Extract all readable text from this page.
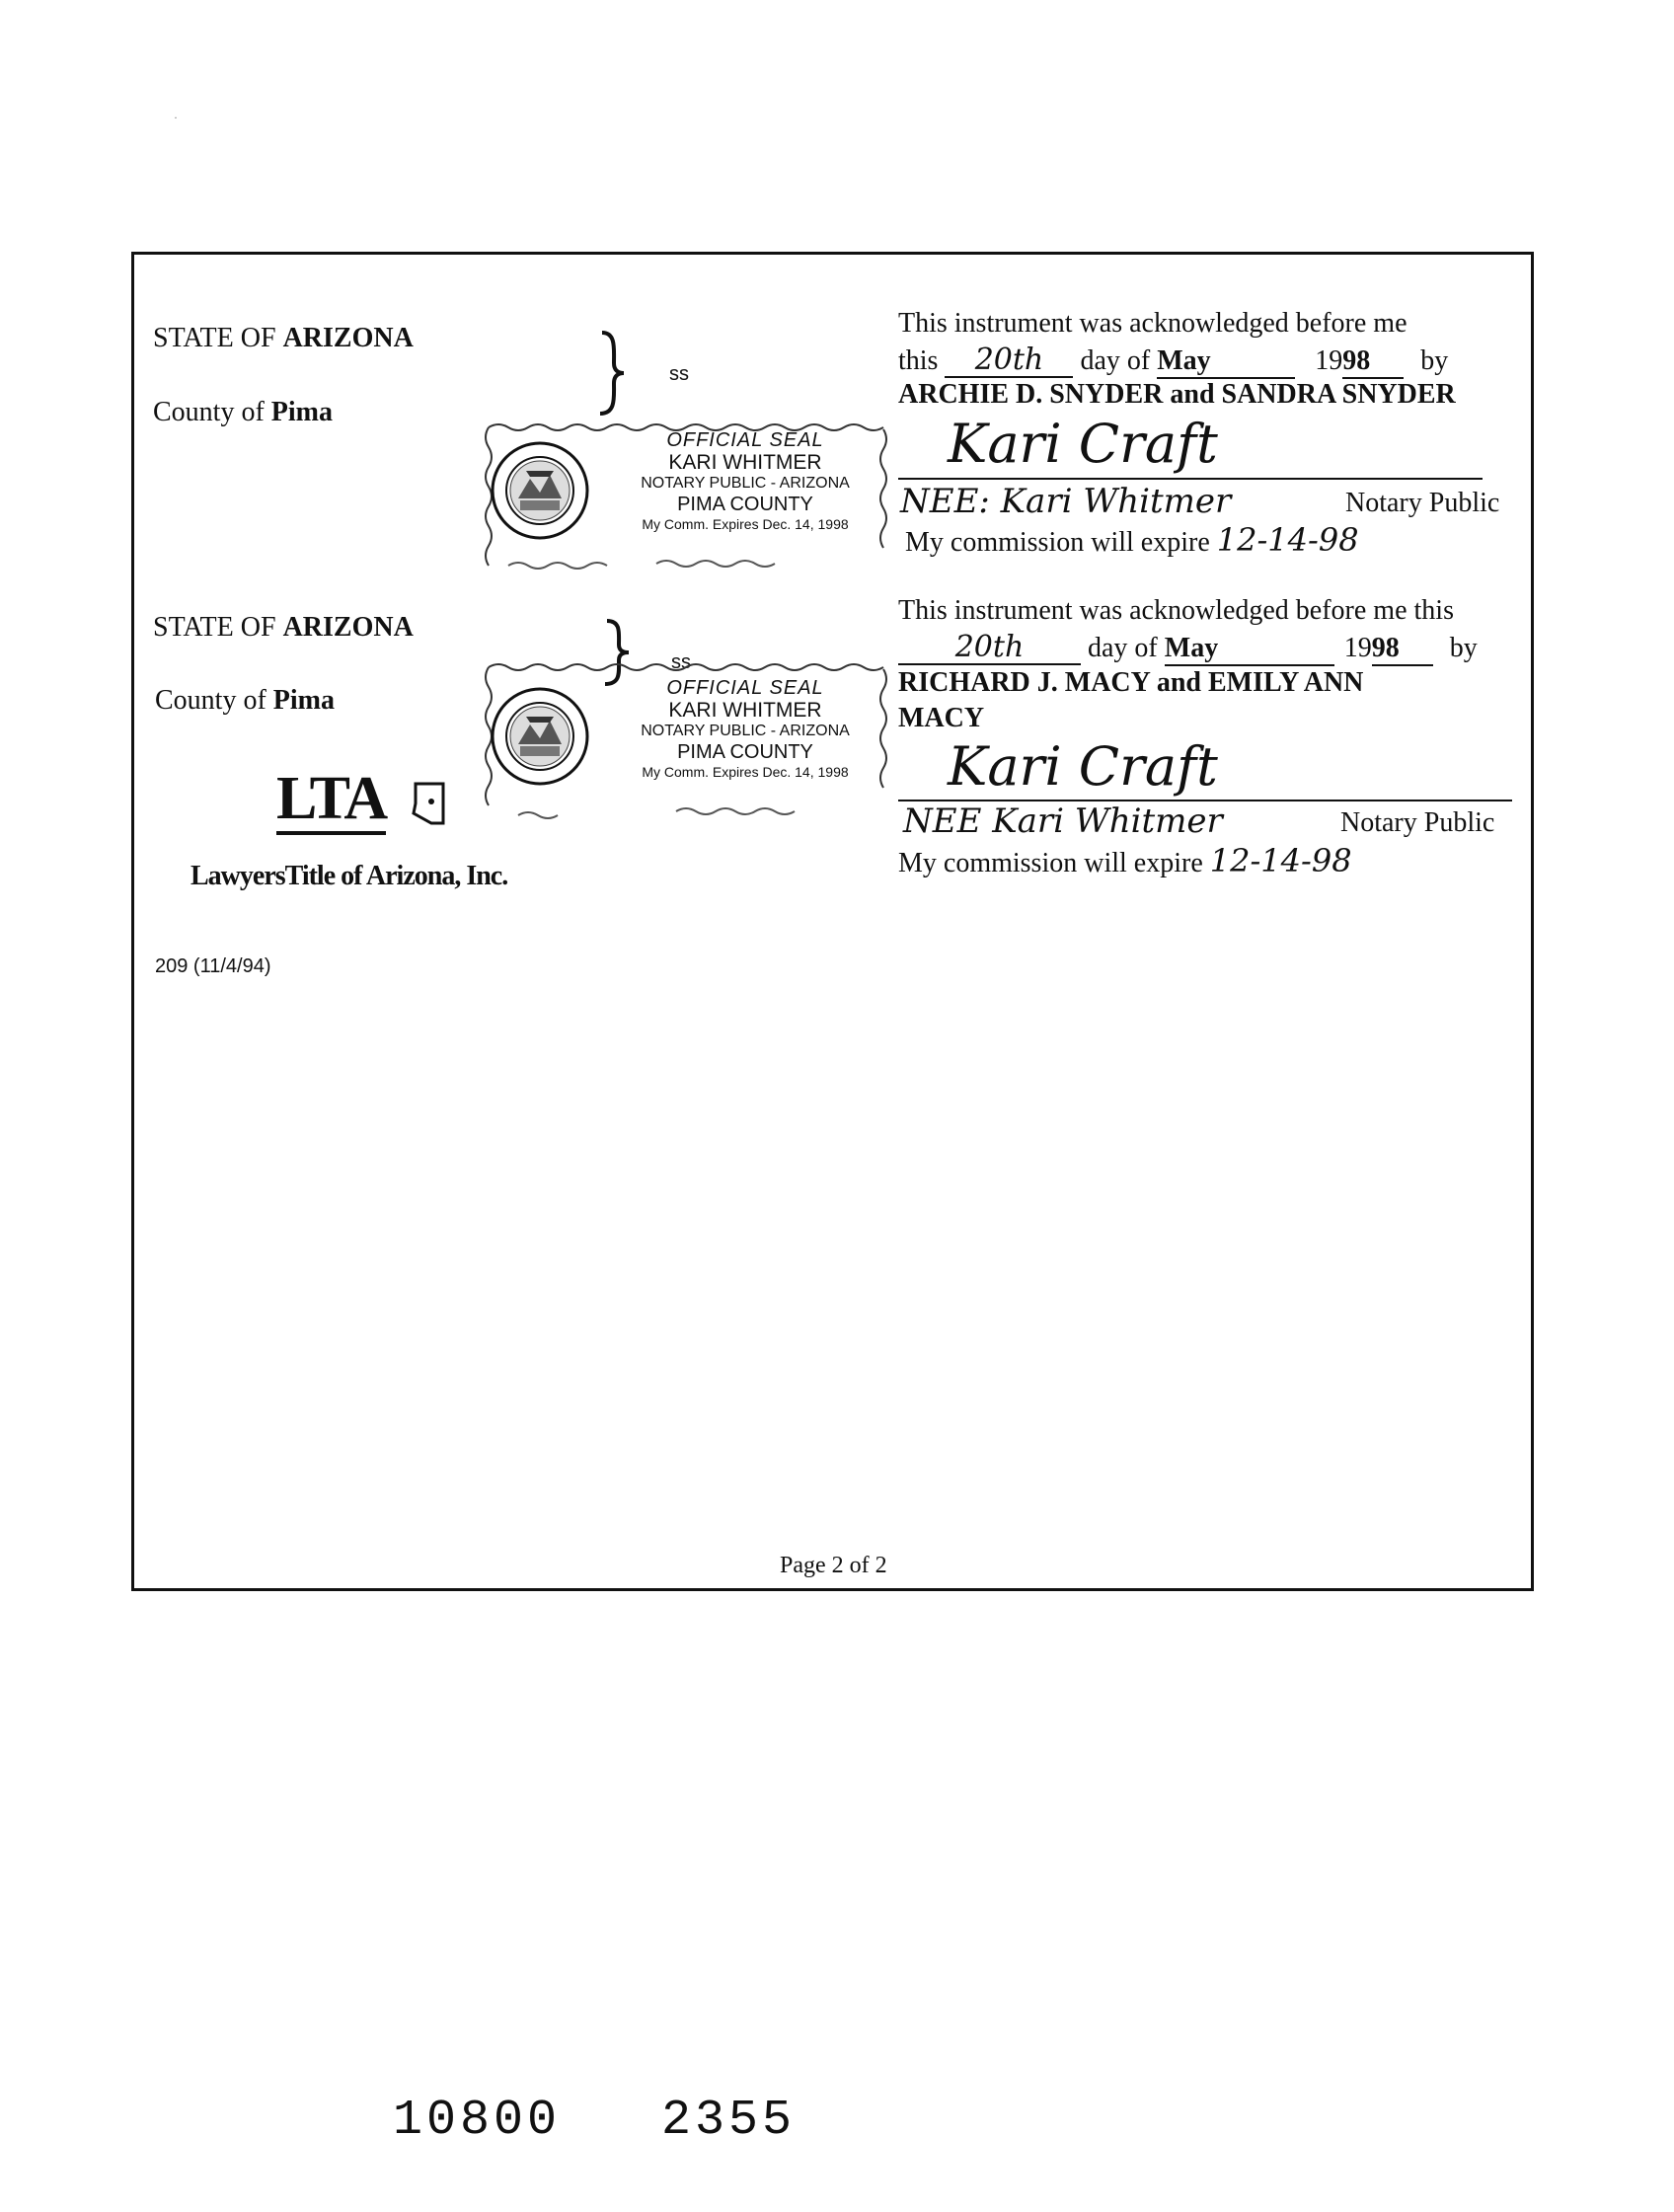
·
STATE OF ARIZONA
County of Pima
ss
This instrument was acknowledged before me
this 20th day of May	1998 by
ARCHIE D. SNYDER and SANDRA SNYDER
Kari Craft
NEE: Kari Whitmer	Notary Public
My commission will expire 12-14-98
OFFICIAL SEAL
KARI WHITMER
NOTARY PUBLIC - ARIZONA
PIMA COUNTY
My Comm. Expires Dec. 14, 1998
STATE OF ARIZONA
County of Pima
ss
This instrument was acknowledged before me this
20th day of May	1998 by
RICHARD J. MACY and EMILY ANN
MACY
Kari Craft
NEE Kari Whitmer	Notary Public
My commission will expire 12-14-98
OFFICIAL SEAL
KARI WHITMER
NOTARY PUBLIC - ARIZONA
PIMA COUNTY
My Comm. Expires Dec. 14, 1998
LTA
LawyersTitle of Arizona, Inc.
209 (11/4/94)
Page 2 of 2
10800   2355
